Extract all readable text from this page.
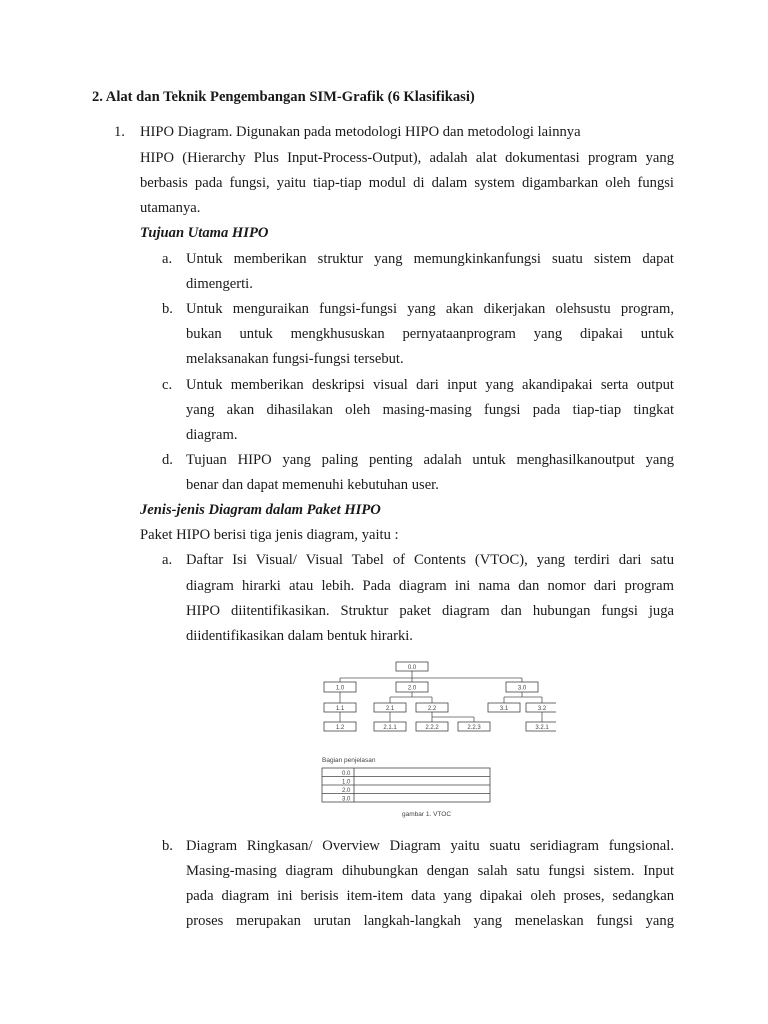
2. Alat dan Teknik Pengembangan SIM-Grafik (6 Klasifikasi)
1. HIPO Diagram. Digunakan pada metodologi HIPO dan metodologi lainnya
HIPO (Hierarchy Plus Input-Process-Output), adalah alat dokumentasi program yang
berbasis pada fungsi, yaitu tiap-tiap modul di dalam system digambarkan oleh fungsi
utamanya.
Tujuan Utama HIPO
a. Untuk memberikan struktur yang memungkinkanfungsi suatu sistem dapat
dimengerti.
b. Untuk menguraikan fungsi-fungsi yang akan dikerjakan olehsustu program,
bukan untuk mengkhususkan pernyataanprogram yang dipakai untuk
melaksanakan fungsi-fungsi tersebut.
c. Untuk memberikan deskripsi visual dari input yang akandipakai serta output
yang akan dihasilakan oleh masing-masing fungsi pada tiap-tiap tingkat
diagram.
d. Tujuan HIPO yang paling penting adalah untuk menghasilkanoutput yang
benar dan dapat memenuhi kebutuhan user.
Jenis-jenis Diagram dalam Paket HIPO
Paket HIPO berisi tiga jenis diagram, yaitu :
a. Daftar Isi Visual/ Visual Tabel of Contents (VTOC), yang terdiri dari satu
diagram hirarki atau lebih. Pada diagram ini nama dan nomor dari program
HIPO diitentifikasikan. Struktur paket diagram dan hubungan fungsi juga
diidentifikasikan dalam bentuk hirarki.
0.0
1.0	2.0	3.0
1.1	2.1	2.2	3.1	3.2
1.2	2.1.1	2.2.2	2.2.3	3.2.1
Bagian penjelasan
0.0
1.0
2.0
3.0
gambar 1. VTOC
b. Diagram Ringkasan/ Overview Diagram yaitu suatu seridiagram fungsional.
Masing-masing diagram dihubungkan dengan salah satu fungsi sistem. Input
pada diagram ini berisis item-item data yang dipakai oleh proses, sedangkan
proses merupakan urutan langkah-langkah yang menelaskan fungsi yang
